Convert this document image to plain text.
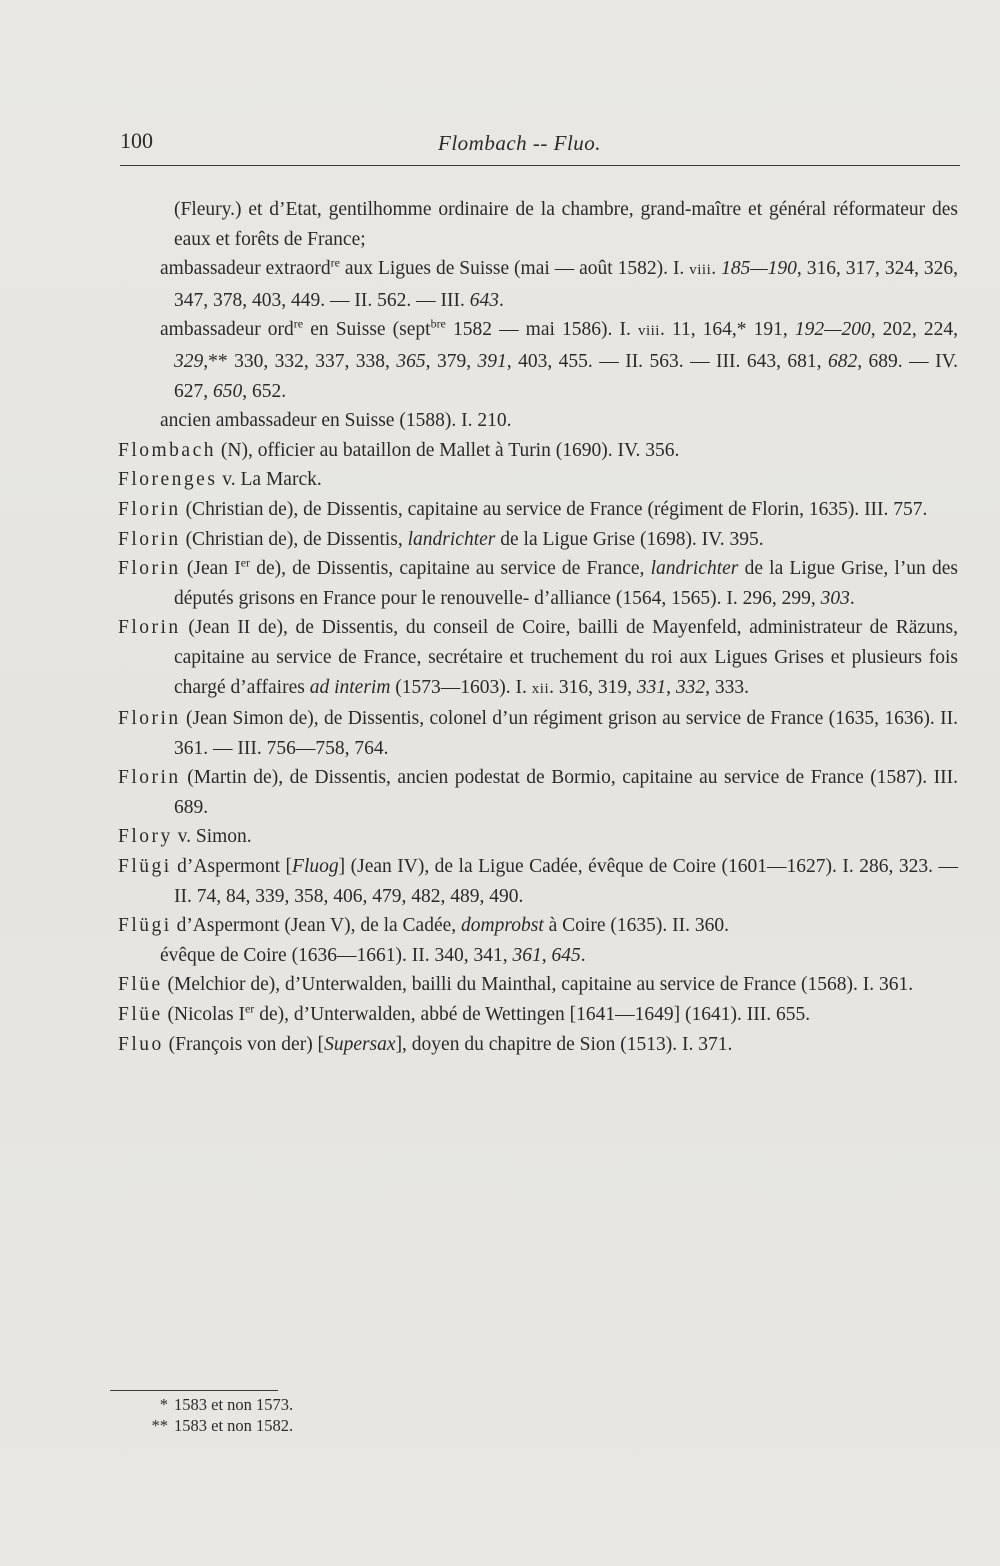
100	Flombach -- Fluo.

(Fleury.) et d’Etat, gentilhomme ordinaire de la chambre, grand-maître et général réformateur des eaux et forêts de France;

ambassadeur extraord$^{re}$ aux Ligues de Suisse (mai — août 1582). I. viii. 185—190, 316, 317, 324, 326, 347, 378, 403, 449. — II. 562. — III. 643.

ambassadeur ord$^{re}$ en Suisse (sept$^{bre}$ 1582 — mai 1586). I. viii. 11, 164,* 191, 192—200, 202, 224, 329,** 330, 332, 337, 338, 365, 379, 391, 403, 455. — II. 563. — III. 643, 681, 682, 689. — IV. 627, 650, 652.

ancien ambassadeur en Suisse (1588). I. 210.

Flombach (N), officier au bataillon de Mallet à Turin (1690). IV. 356.

Florenges v. La Marck.

Florin (Christian de), de Dissentis, capitaine au service de France (régiment de Florin, 1635). III. 757.

Florin (Christian de), de Dissentis, landrichter de la Ligue Grise (1698). IV. 395.

Florin (Jean Ier de), de Dissentis, capitaine au service de France, landrichter de la Ligue Grise, l’un des députés grisons en France pour le renouvelle- d’alliance (1564, 1565). I. 296, 299, 303.

Florin (Jean II de), de Dissentis, du conseil de Coire, bailli de Mayenfeld, administrateur de Räzuns, capitaine au service de France, secrétaire et truchement du roi aux Ligues Grises et plusieurs fois chargé d’affaires ad interim (1573—1603). I. xii. 316, 319, 331, 332, 333.

Florin (Jean Simon de), de Dissentis, colonel d’un régiment grison au service de France (1635, 1636). II. 361. — III. 756—758, 764.

Florin (Martin de), de Dissentis, ancien podestat de Bormio, capitaine au service de France (1587). III. 689.

Flory v. Simon.

Flügi d’Aspermont [Fluog] (Jean IV), de la Ligue Cadée, évêque de Coire (1601—1627). I. 286, 323. — II. 74, 84, 339, 358, 406, 479, 482, 489, 490.

Flügi d’Aspermont (Jean V), de la Cadée, domprobst à Coire (1635). II. 360.

évêque de Coire (1636—1661). II. 340, 341, 361, 645.

Flüe (Melchior de), d’Unterwalden, bailli du Mainthal, capitaine au service de France (1568). I. 361.

Flüe (Nicolas Ier de), d’Unterwalden, abbé de Wettingen [1641—1649] (1641). III. 655.

Fluo (François von der) [Supersax], doyen du chapitre de Sion (1513). I. 371.

* 1583 et non 1573.

** 1583 et non 1582.
